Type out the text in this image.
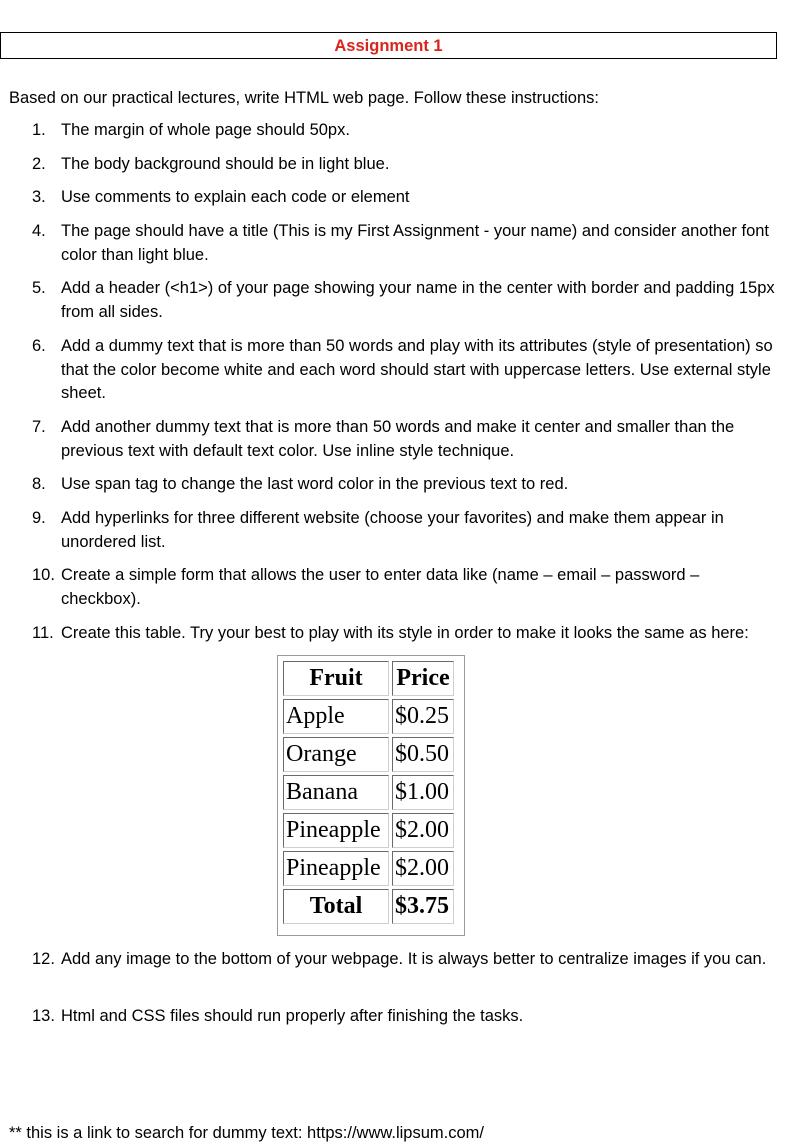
Assignment 1
Based on our practical lectures, write HTML web page. Follow these instructions:
1. The margin of whole page should 50px.
2. The body background should be in light blue.
3. Use comments to explain each code or element
4. The page should have a title (This is my First Assignment - your name) and consider another font color than light blue.
5. Add a header (<h1>) of your page showing your name in the center with border and padding 15px from all sides.
6. Add a dummy text that is more than 50 words and play with its attributes (style of presentation) so that the color become white and each word should start with uppercase letters. Use external style sheet.
7. Add another dummy text that is more than 50 words and make it center and smaller than the previous text with default text color. Use inline style technique.
8. Use span tag to change the last word color in the previous text to red.
9. Add hyperlinks for three different website (choose your favorites) and make them appear in unordered list.
10. Create a simple form that allows the user to enter data like (name – email – password – checkbox).
11. Create this table. Try your best to play with its style in order to make it looks the same as here:
Fruit	Price
Apple	$0.25
Orange	$0.50
Banana	$1.00
Pineapple	$2.00
Pineapple	$2.00
Total	$3.75
12. Add any image to the bottom of your webpage. It is always better to centralize images if you can.
13. Html and CSS files should run properly after finishing the tasks.
** this is a link to search for dummy text: https://www.lipsum.com/
